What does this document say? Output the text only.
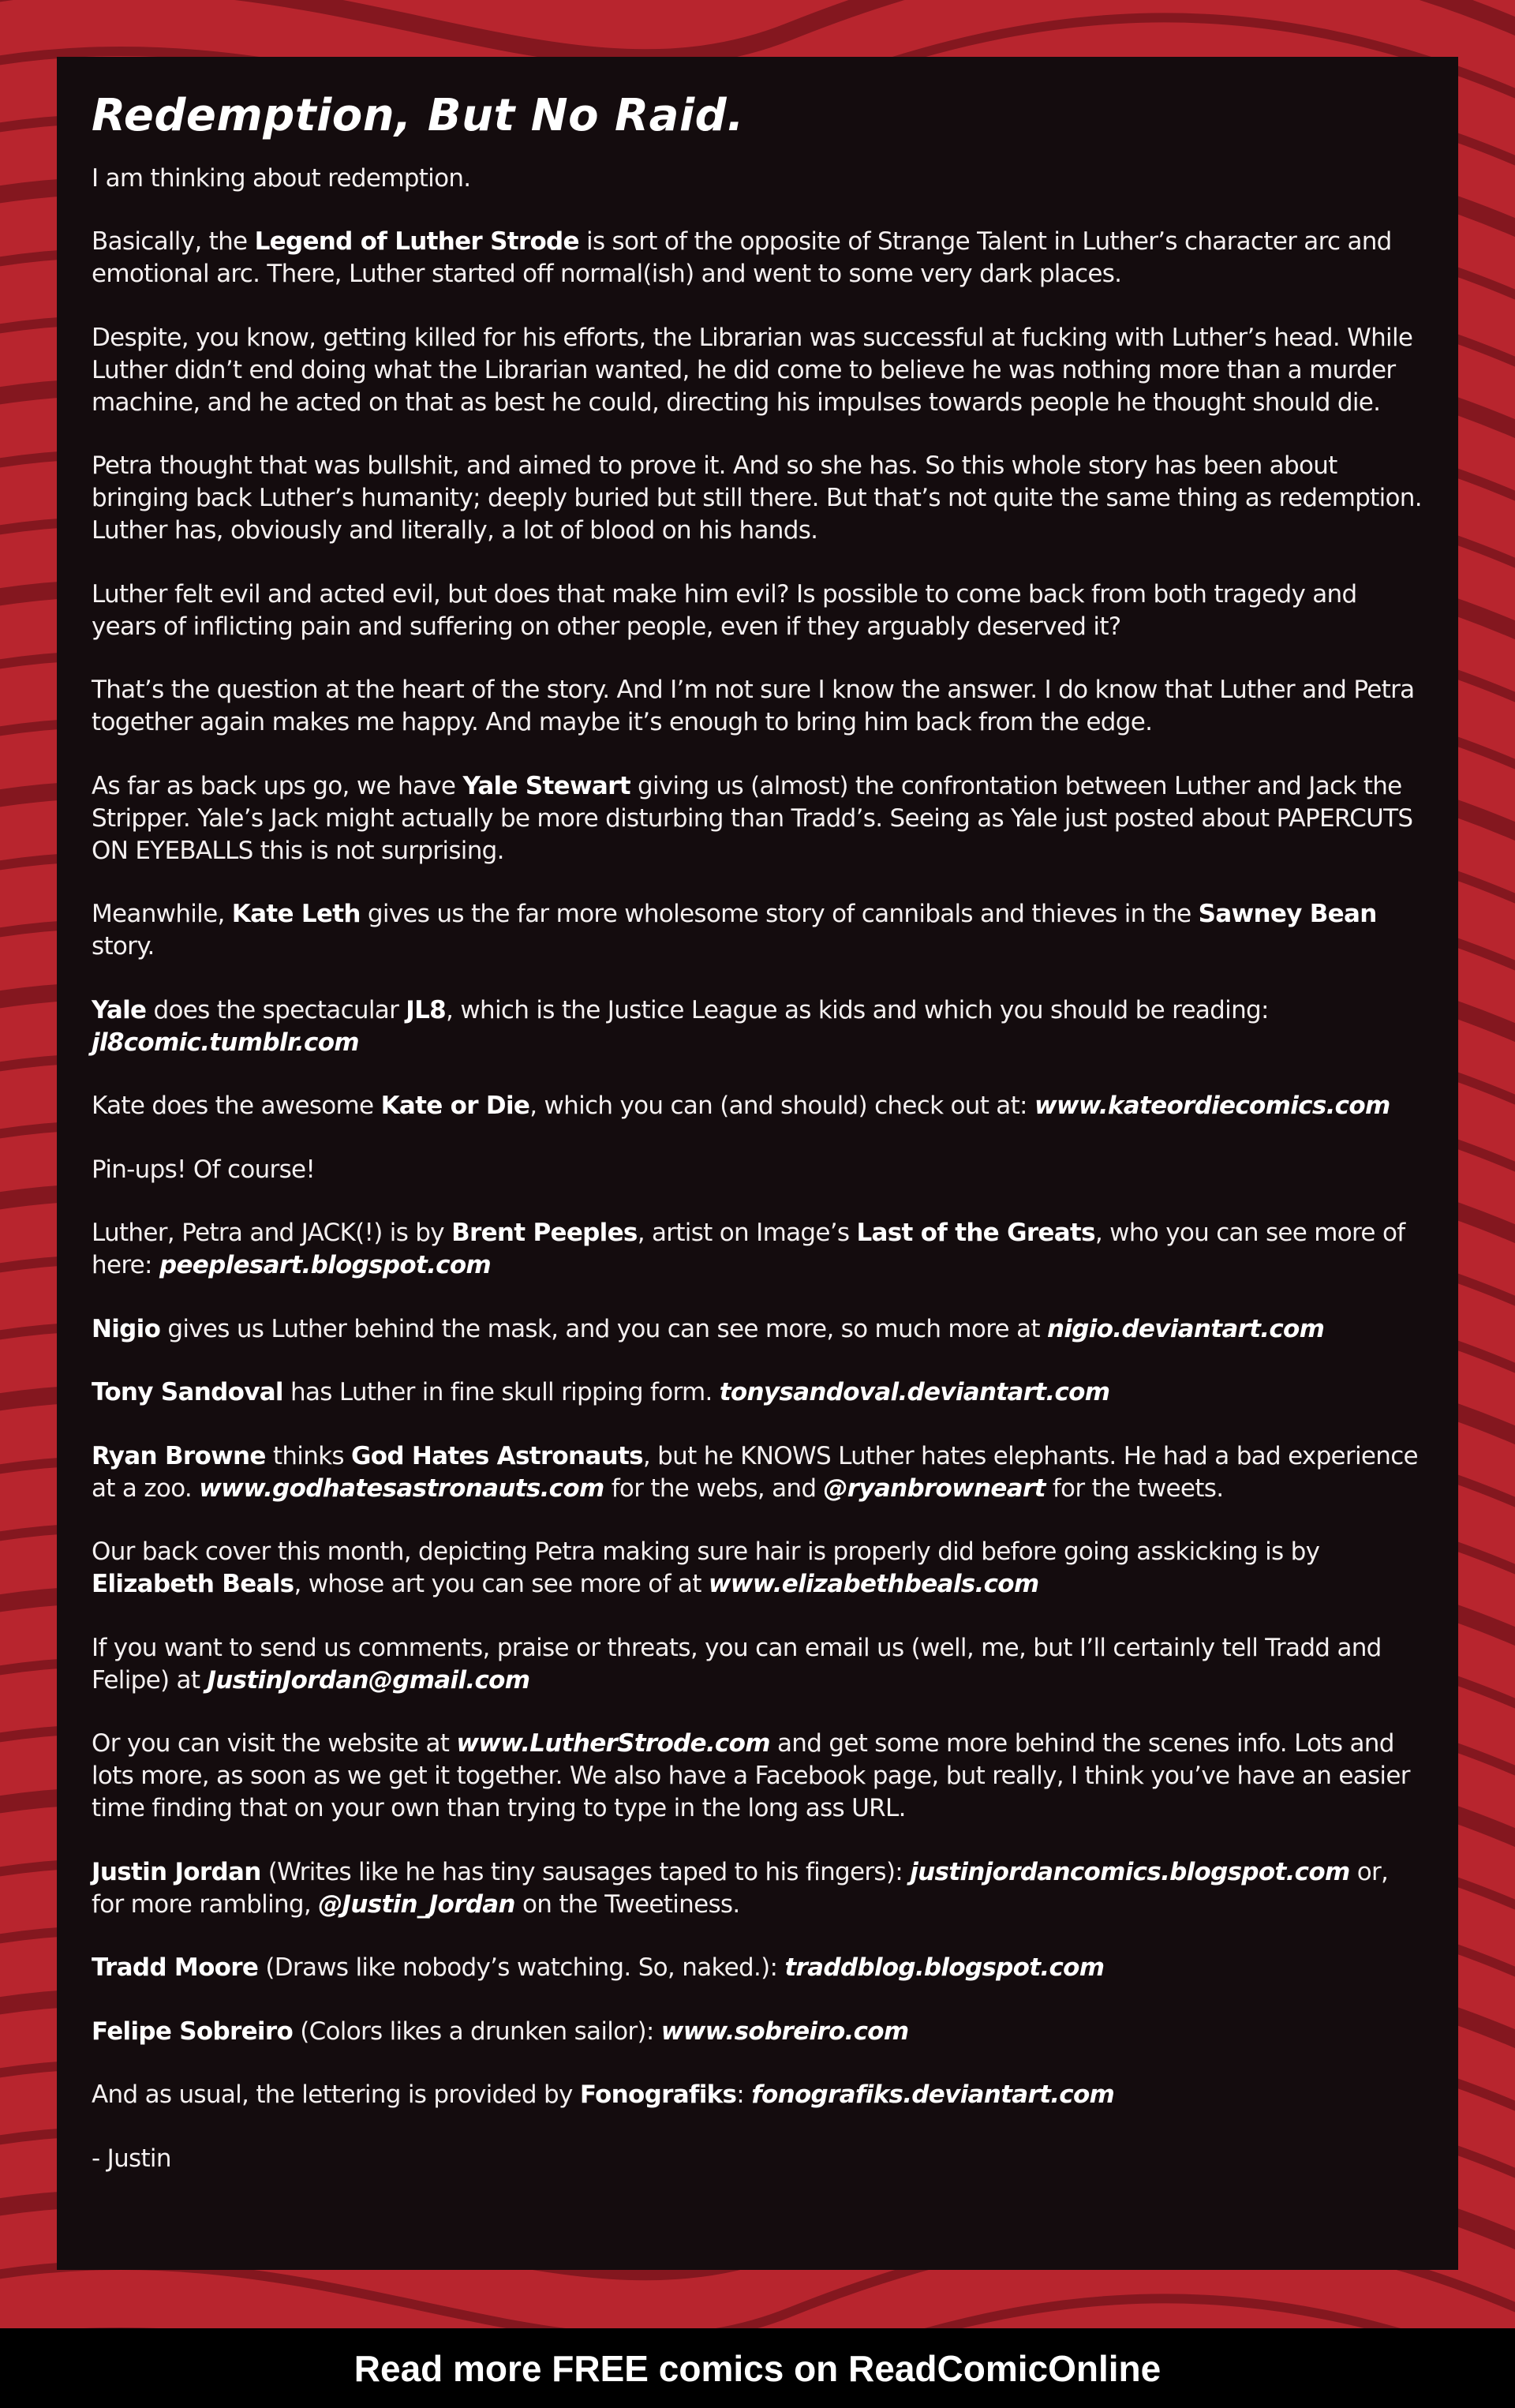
Redemption, But No Raid.

I am thinking about redemption.

Basically, the Legend of Luther Strode is sort of the opposite of Strange Talent in Luther’s character arc and emotional arc. There, Luther started off normal(ish) and went to some very dark places.

Despite, you know, getting killed for his efforts, the Librarian was successful at fucking with Luther’s head. While Luther didn’t end doing what the Librarian wanted, he did come to believe he was nothing more than a murder machine, and he acted on that as best he could, directing his impulses towards people he thought should die.

Petra thought that was bullshit, and aimed to prove it. And so she has. So this whole story has been about bringing back Luther’s humanity; deeply buried but still there. But that’s not quite the same thing as redemption. Luther has, obviously and literally, a lot of blood on his hands.

Luther felt evil and acted evil, but does that make him evil? Is possible to come back from both tragedy and years of inflicting pain and suffering on other people, even if they arguably deserved it?

That’s the question at the heart of the story. And I’m not sure I know the answer. I do know that Luther and Petra together again makes me happy. And maybe it’s enough to bring him back from the edge.

As far as back ups go, we have Yale Stewart giving us (almost) the confrontation between Luther and Jack the Stripper. Yale’s Jack might actually be more disturbing than Tradd’s. Seeing as Yale just posted about PAPERCUTS ON EYEBALLS this is not surprising.

Meanwhile, Kate Leth gives us the far more wholesome story of cannibals and thieves in the Sawney Bean story.

Yale does the spectacular JL8, which is the Justice League as kids and which you should be reading: jl8comic.tumblr.com

Kate does the awesome Kate or Die, which you can (and should) check out at: www.kateordiecomics.com

Pin-ups! Of course!

Luther, Petra and JACK(!) is by Brent Peeples, artist on Image’s Last of the Greats, who you can see more of here: peeplesart.blogspot.com

Nigio gives us Luther behind the mask, and you can see more, so much more at nigio.deviantart.com

Tony Sandoval has Luther in fine skull ripping form. tonysandoval.deviantart.com

Ryan Browne thinks God Hates Astronauts, but he KNOWS Luther hates elephants. He had a bad experience at a zoo. www.godhatesastronauts.com for the webs, and @ryanbrowneart for the tweets.

Our back cover this month, depicting Petra making sure hair is properly did before going asskicking is by Elizabeth Beals, whose art you can see more of at www.elizabethbeals.com

If you want to send us comments, praise or threats, you can email us (well, me, but I’ll certainly tell Tradd and Felipe) at JustinJordan@gmail.com

Or you can visit the website at www.LutherStrode.com and get some more behind the scenes info. Lots and lots more, as soon as we get it together. We also have a Facebook page, but really, I think you’ve have an easier time finding that on your own than trying to type in the long ass URL.

Justin Jordan (Writes like he has tiny sausages taped to his fingers): justinjordancomics.blogspot.com or, for more rambling, @Justin_Jordan on the Tweetiness.

Tradd Moore (Draws like nobody’s watching. So, naked.): traddblog.blogspot.com

Felipe Sobreiro (Colors likes a drunken sailor): www.sobreiro.com

And as usual, the lettering is provided by Fonografiks: fonografiks.deviantart.com

- Justin

Read more FREE comics on ReadComicOnline
